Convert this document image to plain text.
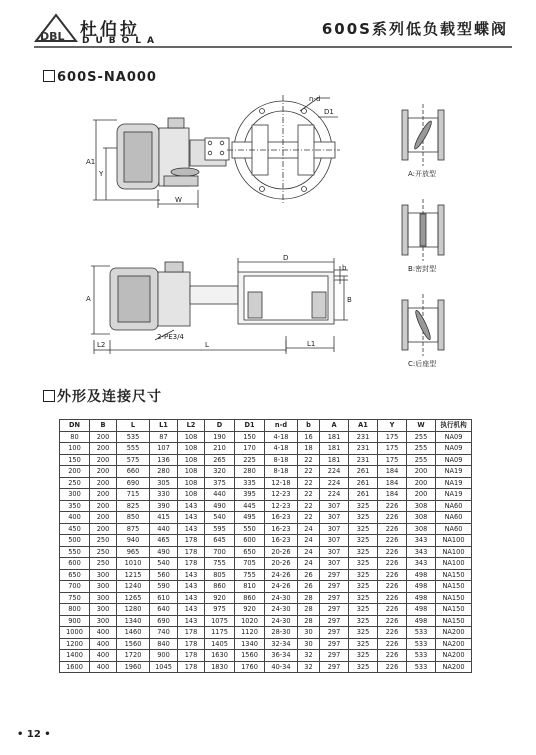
DBL 杜伯拉
DUBOLA
600S系列低负载型蝶阀
600S-NA000
n-d
D1
A1
Y
W
D
b
A	B
L2	L	L1
2-PE3/4
A:开放型
B:密封型
C:后座型
外形及连接尺寸
DN	B	L	L1	L2	D	D1	n-d	b	A	A1	Y	W	执行机构
80	200	535	87	108	190	150	4-18	16	181	231	175	255	NA09
100	200	555	107	108	210	170	4-18	18	181	231	175	255	NA09
150	200	575	136	108	265	225	8-18	22	181	231	175	255	NA09
200	200	660	280	108	320	280	8-18	22	224	261	184	200	NA19
250	200	690	305	108	375	335	12-18	22	224	261	184	200	NA19
300	200	715	330	108	440	395	12-23	22	224	261	184	200	NA19
350	200	825	390	143	490	445	12-23	22	307	325	226	308	NA60
400	200	850	415	143	540	495	16-23	22	307	325	226	308	NA60
450	200	875	440	143	595	550	16-23	24	307	325	226	308	NA60
500	250	940	465	178	645	600	16-23	24	307	325	226	343	NA100
550	250	965	490	178	700	650	20-26	24	307	325	226	343	NA100
600	250	1010	540	178	755	705	20-26	24	307	325	226	343	NA100
650	300	1215	560	143	805	755	24-26	26	297	325	226	498	NA150
700	300	1240	590	143	860	810	24-26	26	297	325	226	498	NA150
750	300	1265	610	143	920	860	24-30	28	297	325	226	498	NA150
800	300	1280	640	143	975	920	24-30	28	297	325	226	498	NA150
900	300	1340	690	143	1075	1020	24-30	28	297	325	226	498	NA150
1000	400	1460	740	178	1175	1120	28-30	30	297	325	226	533	NA200
1200	400	1560	840	178	1405	1340	32-34	30	297	325	226	533	NA200
1400	400	1720	900	178	1630	1560	36-34	32	297	325	226	533	NA200
1600	400	1960	1045	178	1830	1760	40-34	32	297	325	226	533	NA200
• 12 •
